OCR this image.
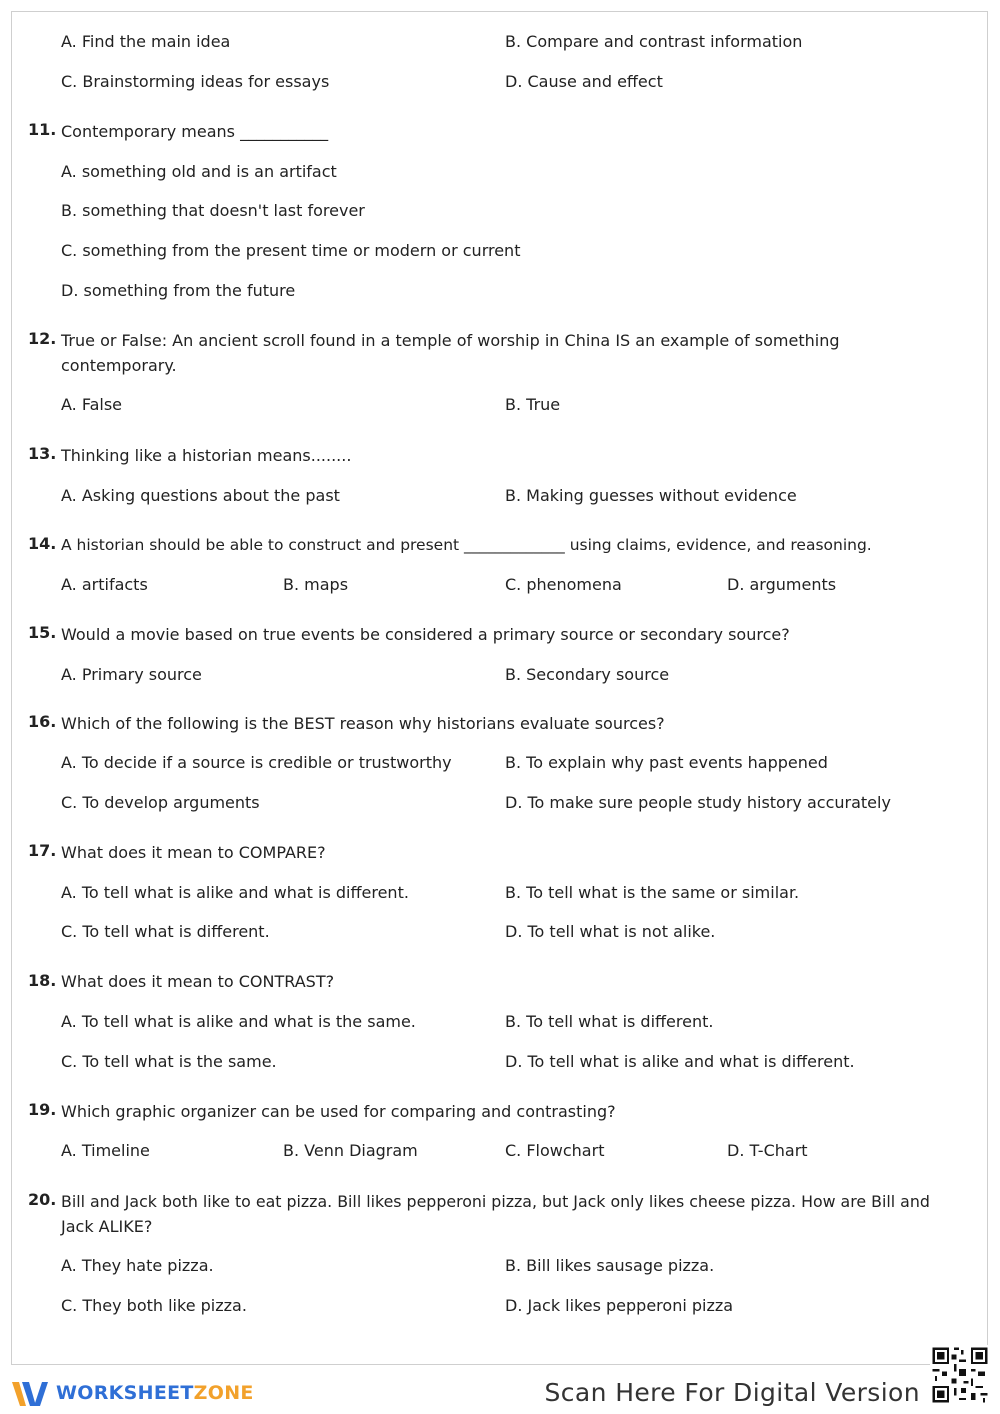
A. Find the main idea	B. Compare and contrast information
C. Brainstorming ideas for essays	D. Cause and effect
11. Contemporary means ___________
A. something old and is an artifact
B. something that doesn't last forever
C. something from the present time or modern or current
D. something from the future
12. True or False: An ancient scroll found in a temple of worship in China IS an example of something
contemporary.
A. False	B. True
13. Thinking like a historian means........
A. Asking questions about the past	B. Making guesses without evidence
14. A historian should be able to construct and present _____________ using claims, evidence, and reasoning.
A. artifacts	B. maps	C. phenomena	D. arguments
15. Would a movie based on true events be considered a primary source or secondary source?
A. Primary source	B. Secondary source
16. Which of the following is the BEST reason why historians evaluate sources?
A. To decide if a source is credible or trustworthy	B. To explain why past events happened
C. To develop arguments	D. To make sure people study history accurately
17. What does it mean to COMPARE?
A. To tell what is alike and what is different.	B. To tell what is the same or similar.
C. To tell what is different.	D. To tell what is not alike.
18. What does it mean to CONTRAST?
A. To tell what is alike and what is the same.	B. To tell what is different.
C. To tell what is the same.	D. To tell what is alike and what is different.
19. Which graphic organizer can be used for comparing and contrasting?
A. Timeline	B. Venn Diagram	C. Flowchart	D. T-Chart
20. Bill and Jack both like to eat pizza. Bill likes pepperoni pizza, but Jack only likes cheese pizza. How are Bill and
Jack ALIKE?
A. They hate pizza.	B. Bill likes sausage pizza.
C. They both like pizza.	D. Jack likes pepperoni pizza
WORKSHEETZONE	Scan Here For Digital Version
